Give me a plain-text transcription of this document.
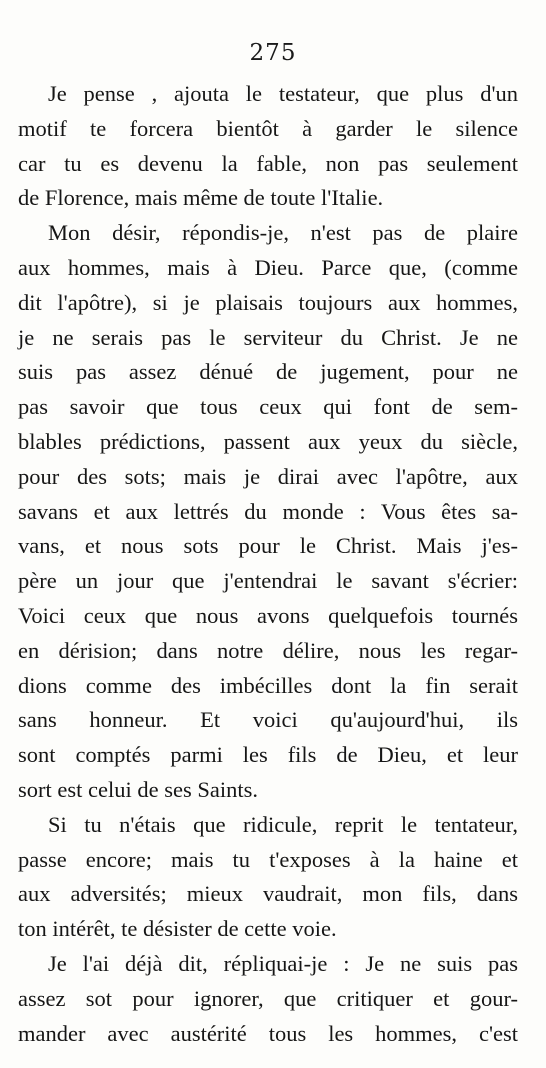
275
Je pense , ajouta le testateur, que plus d'un
motif te forcera bientôt à garder le silence
car tu es devenu la fable, non pas seulement
de Florence, mais même de toute l'Italie.
Mon désir, répondis-je, n'est pas de plaire
aux hommes, mais à Dieu. Parce que, (comme
dit l'apôtre), si je plaisais toujours aux hommes,
je ne serais pas le serviteur du Christ. Je ne
suis pas assez dénué de jugement, pour ne
pas savoir que tous ceux qui font de sem-
blables prédictions, passent aux yeux du siècle,
pour des sots; mais je dirai avec l'apôtre, aux
savans et aux lettrés du monde : Vous êtes sa-
vans, et nous sots pour le Christ. Mais j'es-
père un jour que j'entendrai le savant s'écrier:
Voici ceux que nous avons quelquefois tournés
en dérision; dans notre délire, nous les regar-
dions comme des imbécilles dont la fin serait
sans honneur. Et voici qu'aujourd'hui, ils
sont comptés parmi les fils de Dieu, et leur
sort est celui de ses Saints.
Si tu n'étais que ridicule, reprit le tentateur,
passe encore; mais tu t'exposes à la haine et
aux adversités; mieux vaudrait, mon fils, dans
ton intérêt, te désister de cette voie.
Je l'ai déjà dit, répliquai-je : Je ne suis pas
assez sot pour ignorer, que critiquer et gour-
mander avec austérité tous les hommes, c'est
